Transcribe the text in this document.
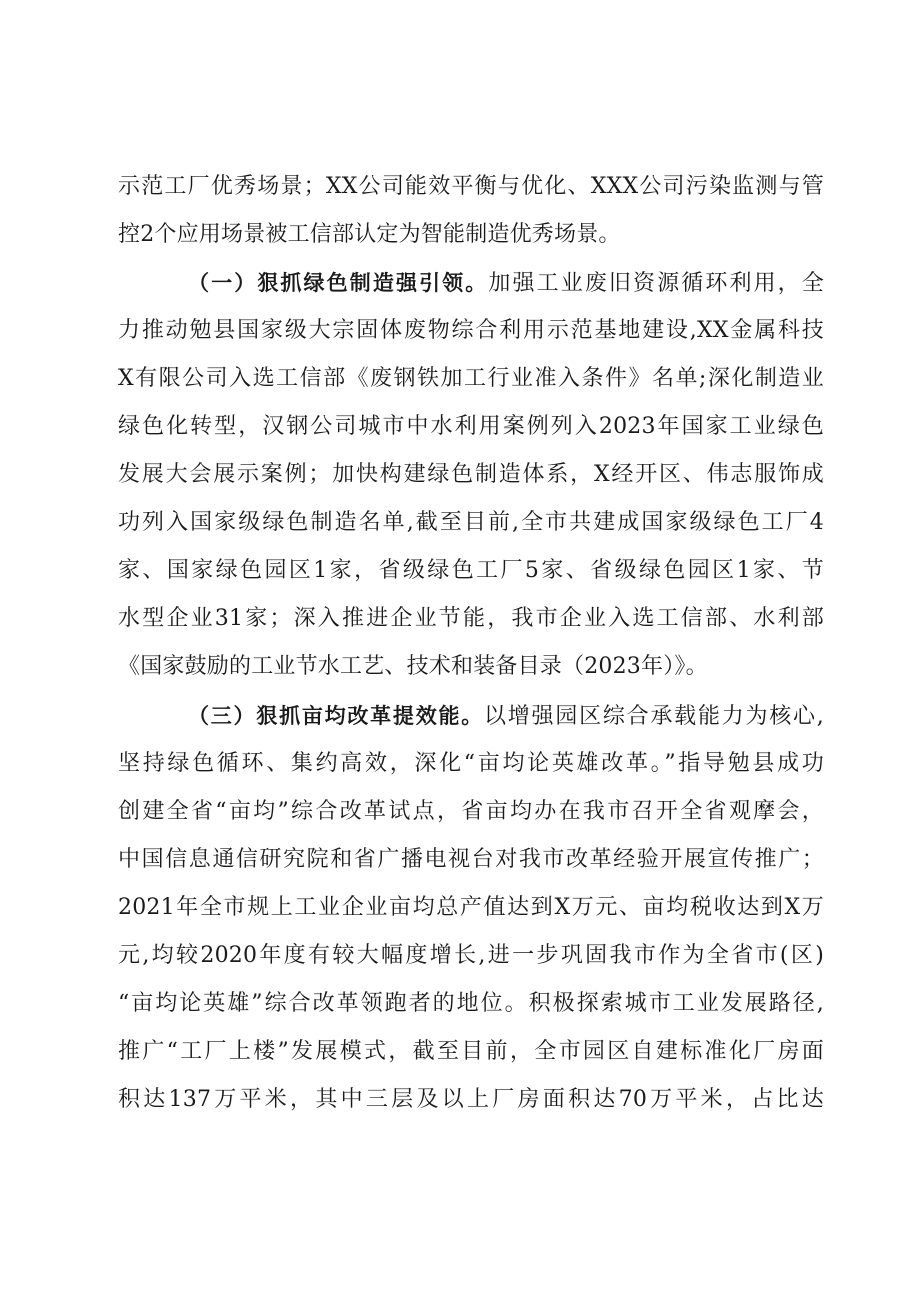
示范工厂优秀场景；XX公司能效平衡与优化、XXX公司污染监测与管
控2个应用场景被工信部认定为智能制造优秀场景。
（一）狠抓绿色制造强引领。加强工业废旧资源循环利用，全
力推动勉县国家级大宗固体废物综合利用示范基地建设,XX金属科技
X有限公司入选工信部《废钢铁加工行业准入条件》名单;深化制造业
绿色化转型，汉钢公司城市中水利用案例列入2023年国家工业绿色
发展大会展示案例；加快构建绿色制造体系，X经开区、伟志服饰成
功列入国家级绿色制造名单,截至目前,全市共建成国家级绿色工厂4
家、国家绿色园区1家，省级绿色工厂5家、省级绿色园区1家、节
水型企业31家；深入推进企业节能，我市企业入选工信部、水利部
《国家鼓励的工业节水工艺、技术和装备目录（2023年）》。
（三）狠抓亩均改革提效能。以增强园区综合承载能力为核心,
坚持绿色循环、集约高效，深化“亩均论英雄改革。”指导勉县成功
创建全省“亩均”综合改革试点，省亩均办在我市召开全省观摩会，
中国信息通信研究院和省广播电视台对我市改革经验开展宣传推广；
2021年全市规上工业企业亩均总产值达到X万元、亩均税收达到X万
元,均较2020年度有较大幅度增长,进一步巩固我市作为全省市(区)
“亩均论英雄”综合改革领跑者的地位。积极探索城市工业发展路径,
推广“工厂上楼”发展模式，截至目前，全市园区自建标准化厂房面
积达137万平米，其中三层及以上厂房面积达70万平米，占比达
